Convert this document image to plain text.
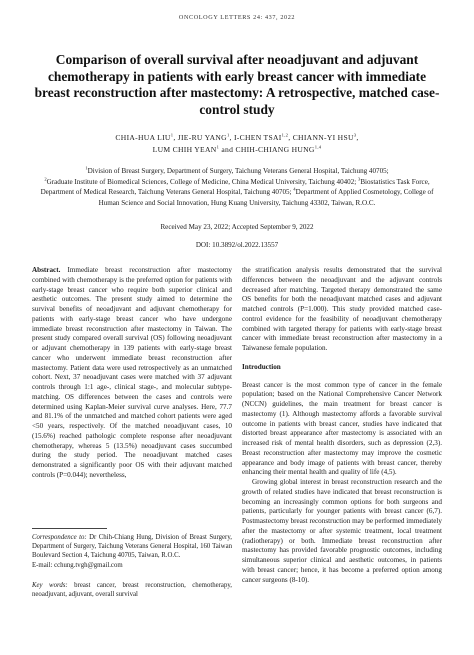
ONCOLOGY LETTERS 24: 437, 2022
Comparison of overall survival after neoadjuvant and adjuvant chemotherapy in patients with early breast cancer with immediate breast reconstruction after mastectomy: A retrospective, matched case-control study
CHIA-HUA LIU$^1$, JIE-RU YANG$^1$, I-CHEN TSAI$^{1,2}$, CHIANN-YI HSU$^3$,
LUM CHIH YEAN$^1$ and CHIH-CHIANG HUNG$^{1,4}$
$^1$Division of Breast Surgery, Department of Surgery, Taichung Veterans General Hospital, Taichung 40705;
$^2$Graduate Institute of Biomedical Sciences, College of Medicine, China Medical University, Taichung 40402; $^3$Biostatistics Task Force, Department of Medical Research, Taichung Veterans General Hospital, Taichung 40705; $^4$Department of Applied Cosmetology, College of Human Science and Social Innovation, Hung Kuang University, Taichung 43302, Taiwan, R.O.C.
Received May 23, 2022; Accepted September 9, 2022
DOI: 10.3892/ol.2022.13557

Abstract. Immediate breast reconstruction after mastectomy combined with chemotherapy is the preferred option for patients with early-stage breast cancer who require both superior clinical and aesthetic outcomes. The present study aimed to determine the survival benefits of neoadjuvant and adjuvant chemotherapy for patients with early-stage breast cancer who have undergone immediate breast reconstruction after mastectomy in Taiwan. The present study compared overall survival (OS) following neoadjuvant or adjuvant chemotherapy in 139 patients with early-stage breast cancer who underwent immediate breast reconstruction after mastectomy. Patient data were used retrospectively as an unmatched cohort. Next, 37 neoadjuvant cases were matched with 37 adjuvant controls through 1:1 age-, clinical stage-, and molecular subtype-matching. OS differences between the cases and controls were determined using Kaplan-Meier survival curve analyses. Here, 77.7 and 81.1% of the unmatched and matched cohort patients were aged <50 years, respectively. Of the matched neoadjuvant cases, 10 (15.6%) reached pathologic complete response after neoadjuvant chemotherapy, whereas 5 (13.5%) neoadjuvant cases succumbed during the study period. The neoadjuvant matched cases demonstrated a significantly poor OS with their adjuvant matched controls (P=0.044); nevertheless,

the stratification analysis results demonstrated that the survival differences between the neoadjuvant and the adjuvant controls decreased after matching. Targeted therapy demonstrated the same OS benefits for both the neoadjuvant matched cases and adjuvant matched controls (P=1.000). This study provided matched case-control evidence for the feasibility of neoadjuvant chemotherapy combined with targeted therapy for patients with early-stage breast cancer with immediate breast reconstruction after mastectomy in a Taiwanese female population.

Introduction

Breast cancer is the most common type of cancer in the female population; based on the National Comprehensive Cancer Network (NCCN) guidelines, the main treatment for breast cancer is mastectomy (1). Although mastectomy affords a favorable survival outcome in patients with breast cancer, studies have indicated that distorted breast appearance after mastectomy is associated with an increased risk of mental health disorders, such as depression (2,3). Breast reconstruction after mastectomy may improve the cosmetic appearance and body image of patients with breast cancer, thereby enhancing their mental health and quality of life (4,5).

Growing global interest in breast reconstruction research and the growth of related studies have indicated that breast reconstruction is becoming an increasingly common options for both surgeons and patients, particularly for younger patients with breast cancer (6,7). Postmastectomy breast reconstruction may be performed immediately after the mastectomy or after systemic treatment, local treatment (radiotherapy) or both. Immediate breast reconstruction after mastectomy has provided favorable prognostic outcomes, including simultaneous superior clinical and aesthetic outcomes, in patients with breast cancer; hence, it has become a preferred option among cancer surgeons (8-10).

Correspondence to: Dr Chih-Chiang Hung, Division of Breast Surgery, Department of Surgery, Taichung Veterans General Hospital, 160 Taiwan Boulevard Section 4, Taichung 40705, Taiwan, R.O.C.

E-mail: cchung.tvgh@gmail.com

Key words: breast cancer, breast reconstruction, chemotherapy, neoadjuvant, adjuvant, overall survival
